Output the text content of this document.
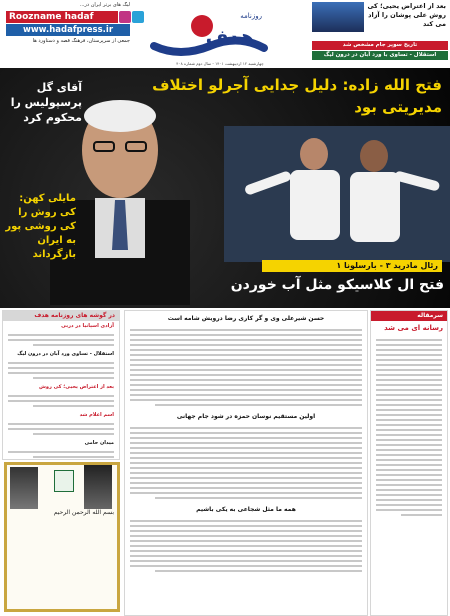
لیگ های برتر ایران در...
Roozname hadaf
www.hadafpress.ir
جمعی از سرپرستان، فرهنگ قصه و دستاورد ها
روزنامه
هدف
چهارشنبه ۱۲ اردیبهشت ۱۴۰۱ - سال دوم شماره ۴۰۸
بعد از اعتراض یحیی؛ کی روش علی پوشان را آزاد می کند
تاریخ سوپر جام مشخص شد
استقلال - تساوی با ورد آبان در درون لیگ
فتح الله زاده: دلیل جدایی آجرلو اختلاف مدیریتی بود
آقای گل پرسپولیس را محکوم کرد
مایلی کهن: کی روش را کی روشی پور به ایران بازگرداند
رئال مادرید ۳ - بارسلونا ۱
فتح ال کلاسیکو مثل آب خوردن
در گوشه های روزنامه هدف
آزادی اسپانیا در دربی
استقلال - تساوی ورد آبان در درون لیگ
بعد از اعتراض یحیی؛ کی روش
اسم اعلام شد
میدان حامی
بسم الله الرحمن الرحیم
حسن شیرعلی وی و گر کاری رضا درویش شامه است
اولین مستقیم نوسان حمزه در شود جام جهانی
همه ما مثل شجاعی به یکی باشیم
سرمقاله
رسانه ای می شد
